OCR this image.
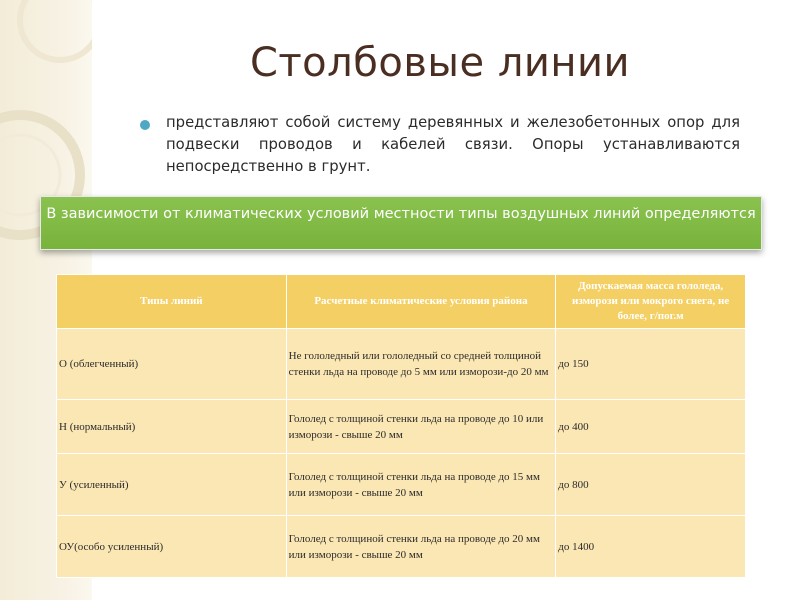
Столбовые линии

представляют собой систему деревянных и железобетонных опор для подвески проводов и кабелей связи. Опоры устанавливаются непосредственно в грунт.

В зависимости от климатических условий местности типы воздушных линий определяются
Типы линий	Расчетные климатические условия района	Допускаемая масса гололеда, изморози или мокрого снега, не более, г/пог.м
О (облегченный)	Не гололедный или гололедный со средней толщиной стенки льда на проводе до 5 мм или изморози-до 20 мм	до 150
Н (нормальный)	Гололед с толщиной стенки льда на проводе до 10 или изморози - свыше 20 мм	до 400
У (усиленный)	Гололед с толщиной стенки льда на проводе до 15 мм или изморози - свыше 20 мм	до 800
ОУ(особо усиленный)	Гололед с толщиной стенки льда на проводе до 20 мм или изморози - свыше 20 мм	до 1400
